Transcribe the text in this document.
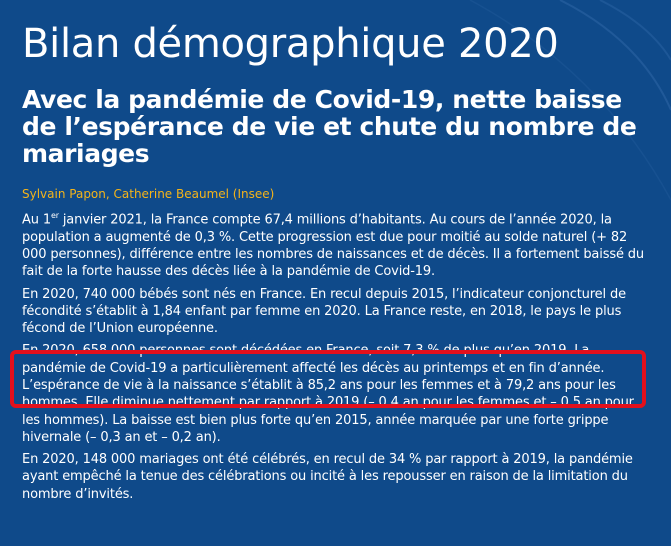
Bilan démographique 2020
Avec la pandémie de Covid-19, nette baisse de l’espérance de vie et chute du nombre de mariages

Sylvain Papon, Catherine Beaumel (Insee)

Au 1er janvier 2021, la France compte 67,4 millions d’habitants. Au cours de l’année 2020, la population a augmenté de 0,3 %. Cette progression est due pour moitié au solde naturel (+ 82 000 personnes), différence entre les nombres de naissances et de décès. Il a fortement baissé du fait de la forte hausse des décès liée à la pandémie de Covid-19.

En 2020, 740 000 bébés sont nés en France. En recul depuis 2015, l’indicateur conjoncturel de fécondité s’établit à 1,84 enfant par femme en 2020. La France reste, en 2018, le pays le plus fécond de l’Union européenne.

En 2020, 658 000 personnes sont décédées en France, soit 7,3 % de plus qu’en 2019. La pandémie de Covid-19 a particulièrement affecté les décès au printemps et en fin d’année. L’espérance de vie à la naissance s’établit à 85,2 ans pour les femmes et à 79,2 ans pour les hommes. Elle diminue nettement par rapport à 2019 (– 0,4 an pour les femmes et – 0,5 an pour les hommes). La baisse est bien plus forte qu’en 2015, année marquée par une forte grippe hivernale (– 0,3 an et – 0,2 an).

En 2020, 148 000 mariages ont été célébrés, en recul de 34 % par rapport à 2019, la pandémie ayant empêché la tenue des célébrations ou incité à les repousser en raison de la limitation du nombre d’invités.
